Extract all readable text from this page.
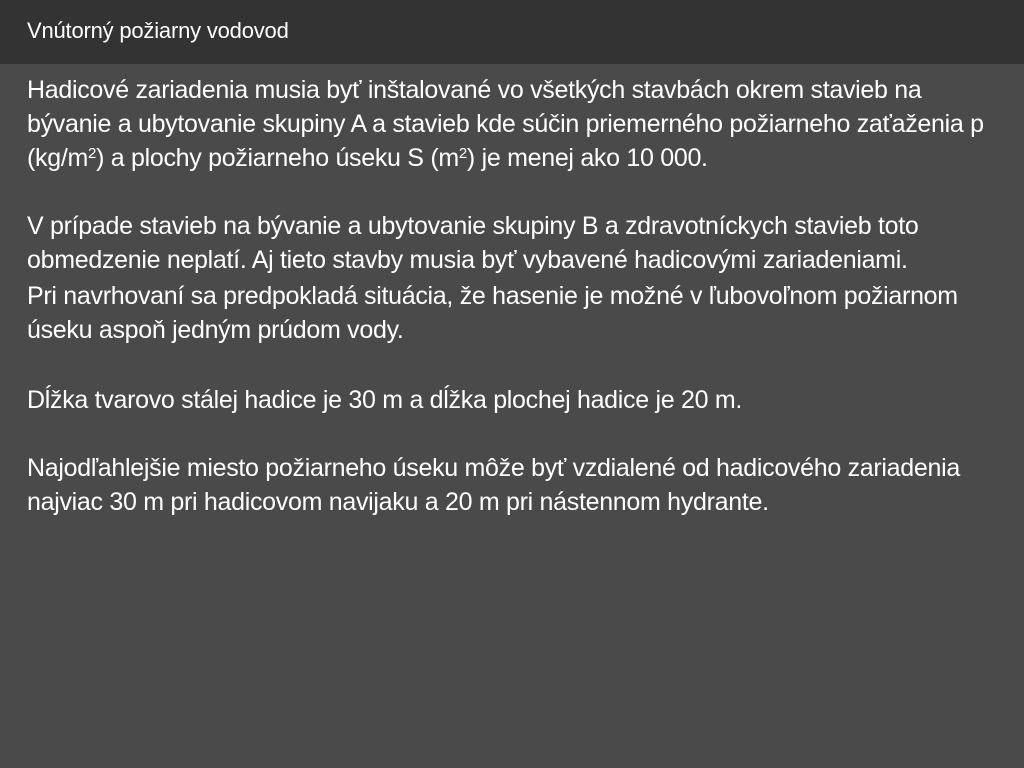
Vnútorný požiarny vodovod

Hadicové zariadenia musia byť inštalované vo všetkých stavbách okrem stavieb na bývanie a ubytovanie skupiny A a stavieb kde súčin priemerného požiarneho zaťaženia p $(kg/m^2)$ a plochy požiarneho úseku S $(m^2)$ je menej ako 10 000.

V prípade stavieb na bývanie a ubytovanie skupiny B a zdravotníckych stavieb toto obmedzenie neplatí. Aj tieto stavby musia byť vybavené hadicovými zariadeniami.

Pri navrhovaní sa predpokladá situácia, že hasenie je možné v ľubovoľnom požiarnom úseku aspoň jedným prúdom vody.

Dĺžka tvarovo stálej hadice je 30 m a dĺžka plochej hadice je 20 m.

Najodľahlejšie miesto požiarneho úseku môže byť vzdialené od hadicového zariadenia najviac 30 m pri hadicovom navijaku a 20 m pri nástennom hydrante.
